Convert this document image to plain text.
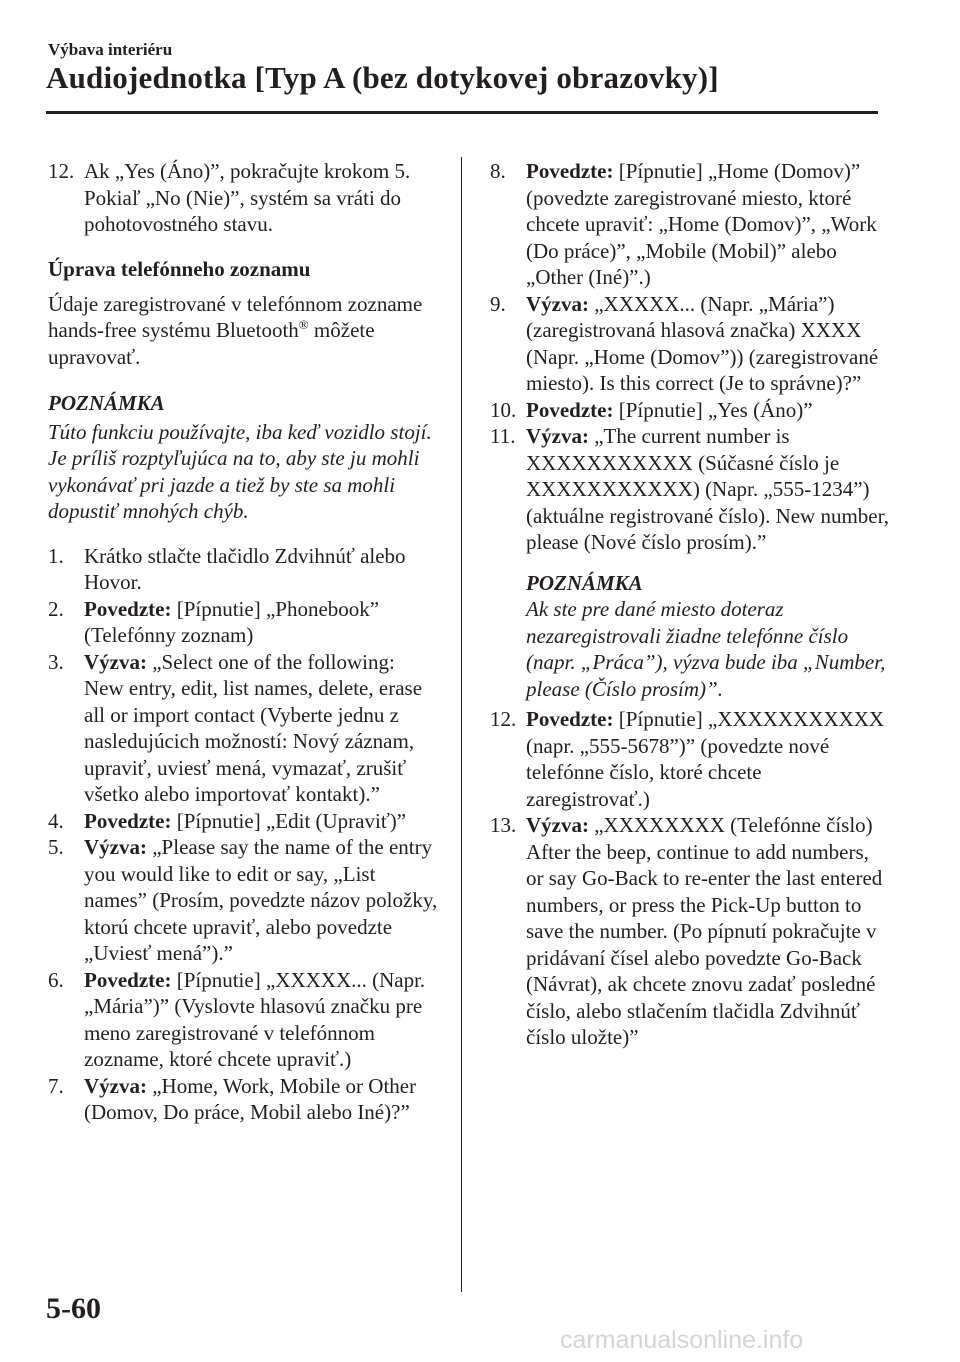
Výbava interiéru
Audiojednotka [Typ A (bez dotykovej obrazovky)]
12. Ak „Yes (Áno)”, pokračujte krokom 5.
Pokiaľ „No (Nie)”, systém sa vráti do pohotovostného stavu.
Úprava telefónneho zoznamu
Údaje zaregistrované v telefónnom zozname hands-free systému Bluetooth® môžete upravovať.
POZNÁMKA
Túto funkciu používajte, iba keď vozidlo stojí. Je príliš rozptyľujúca na to, aby ste ju mohli vykonávať pri jazde a tiež by ste sa mohli dopustiť mnohých chýb.
1. Krátko stlačte tlačidlo Zdvihnúť alebo Hovor.
2. Povedzte: [Pípnutie] „Phonebook” (Telefónny zoznam)
3. Výzva: „Select one of the following: New entry, edit, list names, delete, erase all or import contact (Vyberte jednu z nasledujúcich možností: Nový záznam, upraviť, uviesť mená, vymazať, zrušiť všetko alebo importovať kontakt).”
4. Povedzte: [Pípnutie] „Edit (Upraviť)”
5. Výzva: „Please say the name of the entry you would like to edit or say, „List names” (Prosím, povedzte názov položky, ktorú chcete upraviť, alebo povedzte „Uviesť mená”).”
6. Povedzte: [Pípnutie] „XXXXX... (Napr. „Mária”)” (Vyslovte hlasovú značku pre meno zaregistrované v telefónnom zozname, ktoré chcete upraviť.)
7. Výzva: „Home, Work, Mobile or Other (Domov, Do práce, Mobil alebo Iné)?”
8. Povedzte: [Pípnutie] „Home (Domov)” (povedzte zaregistrované miesto, ktoré chcete upraviť: „Home (Domov)”, „Work (Do práce)”, „Mobile (Mobil)” alebo „Other (Iné)”.)
9. Výzva: „XXXXX... (Napr. „Mária”) (zaregistrovaná hlasová značka) XXXX (Napr. „Home (Domov”)) (zaregistrované miesto). Is this correct (Je to správne)?”
10. Povedzte: [Pípnutie] „Yes (Áno)”
11. Výzva: „The current number is XXXXXXXXXXX (Súčasné číslo je XXXXXXXXXXX) (Napr. „555-1234”) (aktuálne registrované číslo). New number, please (Nové číslo prosím).”
POZNÁMKA
Ak ste pre dané miesto doteraz nezaregistrovali žiadne telefónne číslo (napr. „Práca”), výzva bude iba „Number, please (Číslo prosím)”.
12. Povedzte: [Pípnutie] „XXXXXXXXXXX (napr. „555-5678”)” (povedzte nové telefónne číslo, ktoré chcete zaregistrovať.)
13. Výzva: „XXXXXXXX (Telefónne číslo) After the beep, continue to add numbers, or say Go-Back to re-enter the last entered numbers, or press the Pick-Up button to save the number. (Po pípnutí pokračujte v pridávaní čísel alebo povedzte Go-Back (Návrat), ak chcete znovu zadať posledné číslo, alebo stlačením tlačidla Zdvihnúť číslo uložte)”
5-60
carmanualsonline.info
